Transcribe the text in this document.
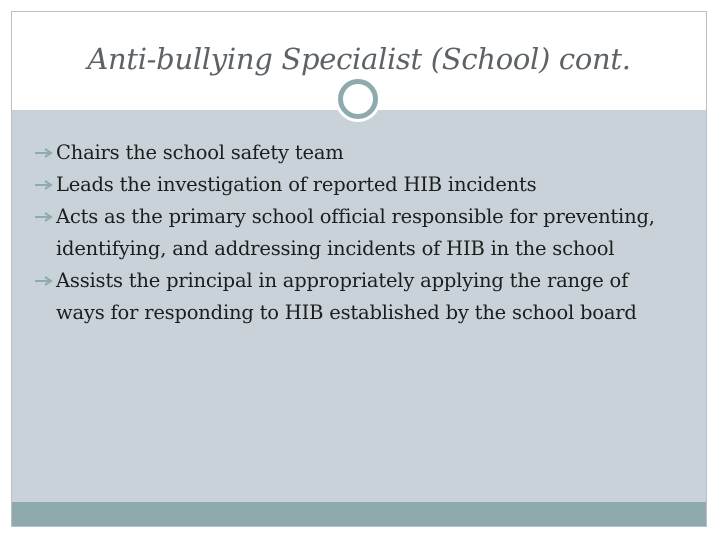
Anti-bullying Specialist (School) cont.
Chairs the school safety team
Leads the investigation of reported HIB incidents
Acts as the primary school official responsible for preventing, identifying, and addressing incidents of HIB in the school
Assists the principal in appropriately applying the range of ways for responding to HIB established by the school board
